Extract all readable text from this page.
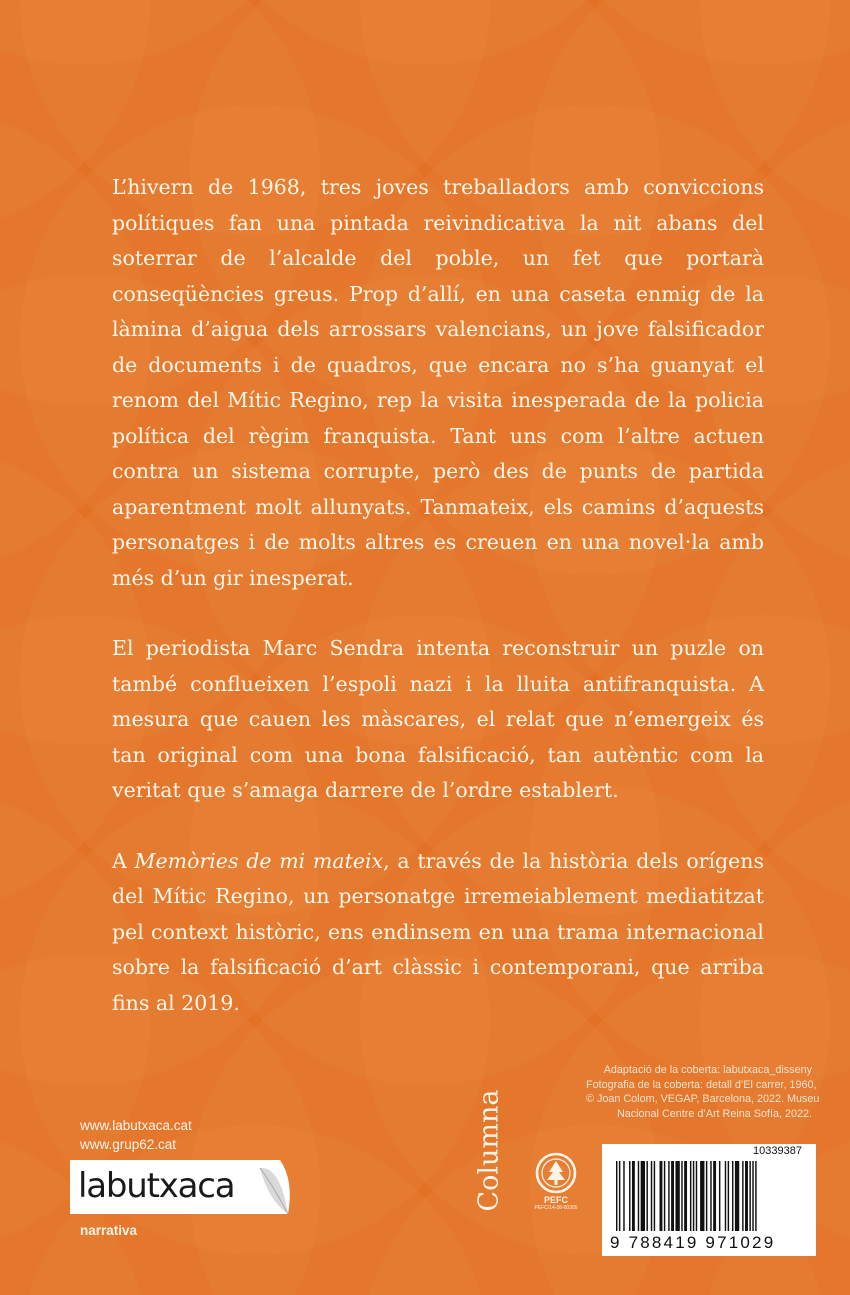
L’hivern de 1968, tres joves treballadors amb conviccions polítiques fan una pintada reivindicativa la nit abans del soterrar de l’alcalde del poble, un fet que portarà conseqüències greus. Prop d’allí, en una caseta enmig de la làmina d’aigua dels arrossars valencians, un jove falsificador de documents i de quadros, que encara no s’ha guanyat el renom del Mític Regino, rep la visita inesperada de la policia política del règim franquista. Tant uns com l’altre actuen contra un sistema corrupte, però des de punts de partida aparentment molt allunyats. Tanmateix, els camins d’aquests personatges i de molts altres es creuen en una novel·la amb més d’un gir inesperat.

El periodista Marc Sendra intenta reconstruir un puzle on també conflueixen l’espoli nazi i la lluita antifranquista. A mesura que cauen les màscares, el relat que n’emergeix és tan original com una bona falsificació, tan autèntic com la veritat que s’amaga darrere de l’ordre establert.

A Memòries de mi mateix, a través de la història dels orígens del Mític Regino, un personatge irremeiablement mediatitzat pel context històric, ens endinsem en una trama internacional sobre la falsificació d’art clàssic i contemporani, que arriba fins al 2019.

Adaptació de la coberta: labutxaca_disseny
Fotografia de la coberta: detall d’El carrer, 1960,
© Joan Colom, VEGAP, Barcelona, 2022. Museu
Nacional Centre d’Art Reina Sofía, 2022.
www.labutxaca.cat
www.grup62.cat
labutxaca
narrativa
Columna	PEFC
PEFC/14-38-00305
10339387
9 788419 971029
